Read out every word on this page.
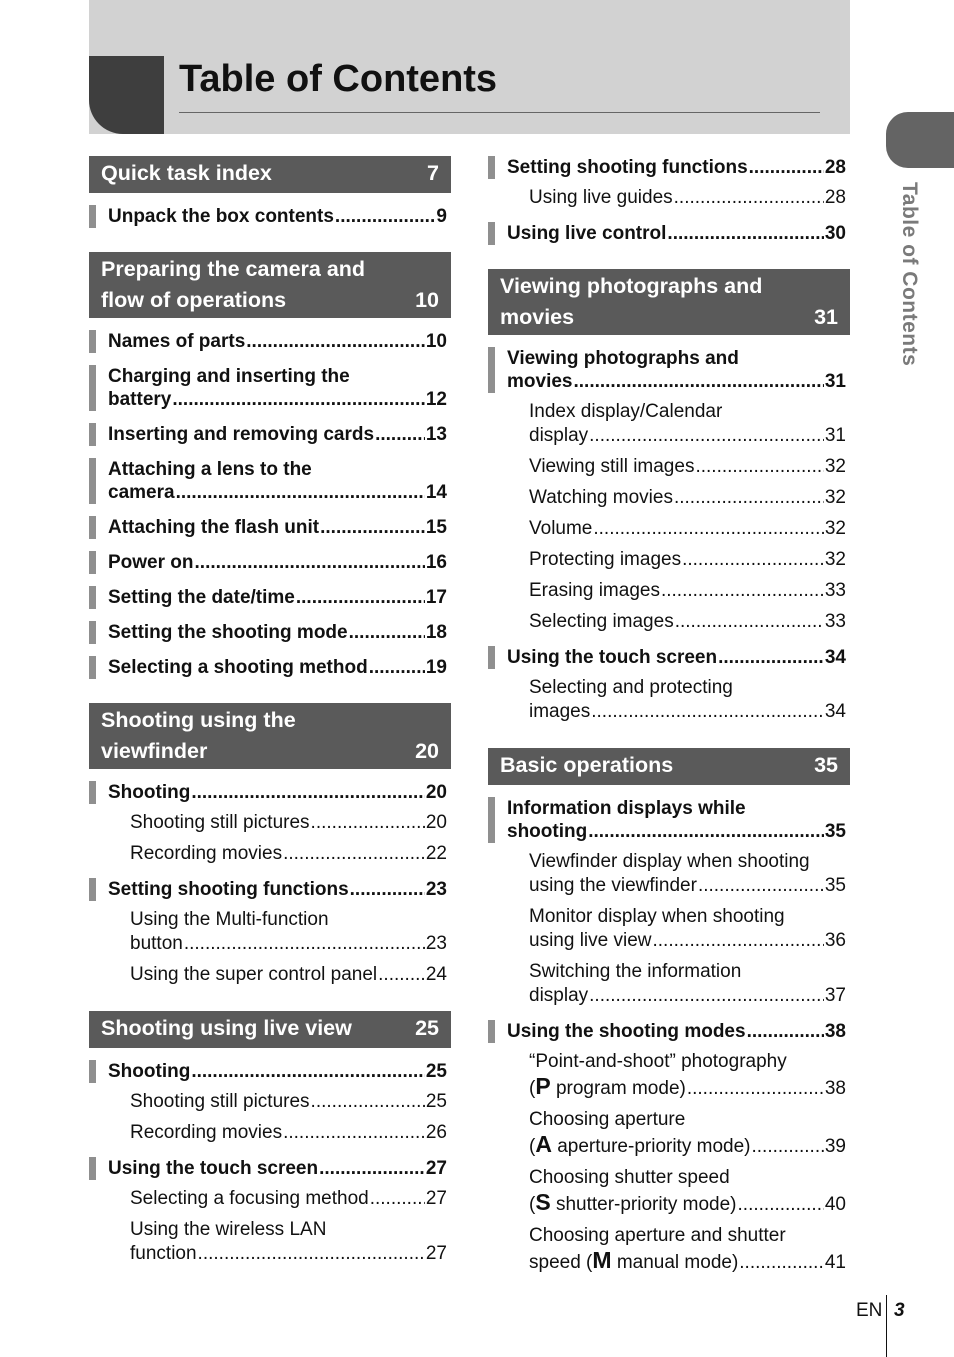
Table of Contents
Table of Contents
Quick task index	7
Unpack the box contents .....	9
Preparing the camera and
flow of operations	10
Names of parts .....	10
Charging and inserting the
battery .....	12
Inserting and removing cards .....	13
Attaching a lens to the
camera .....	14
Attaching the flash unit .....	15
Power on .....	16
Setting the date/time .....	17
Setting the shooting mode .....	18
Selecting a shooting method .....	19
Shooting using the
viewfinder	20
Shooting .....	20
Shooting still pictures .....	20
Recording movies .....	22
Setting shooting functions .....	23
Using the Multi-function
button .....	23
Using the super control panel .....	24
Shooting using live view	25
Shooting .....	25
Shooting still pictures .....	25
Recording movies .....	26
Using the touch screen .....	27
Selecting a focusing method .....	27
Using the wireless LAN
function .....	27
Setting shooting functions .....	28
Using live guides .....	28
Using live control .....	30
Viewing photographs and
movies	31
Viewing photographs and
movies .....	31
Index display/Calendar
display .....	31
Viewing still images .....	32
Watching movies .....	32
Volume .....	32
Protecting images .....	32
Erasing images .....	33
Selecting images .....	33
Using the touch screen .....	34
Selecting and protecting
images .....	34
Basic operations	35
Information displays while
shooting .....	35
Viewfinder display when shooting
using the viewfinder .....	35
Monitor display when shooting
using live view .....	36
Switching the information
display .....	37
Using the shooting modes .....	38
“Point-and-shoot” photography
(P program mode) .....	38
Choosing aperture
(A aperture-priority mode) .....	39
Choosing shutter speed
(S shutter-priority mode) .....	40
Choosing aperture and shutter
speed (M manual mode) .....	41
EN 3
